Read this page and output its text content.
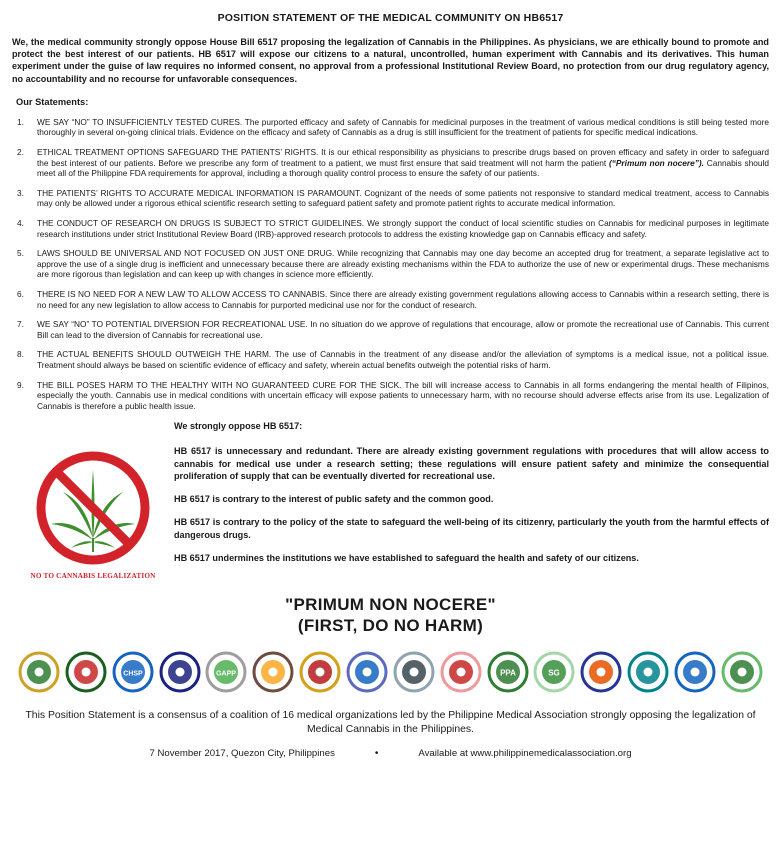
POSITION STATEMENT OF THE MEDICAL COMMUNITY ON HB6517

We, the medical community strongly oppose House Bill 6517 proposing the legalization of Cannabis in the Philippines. As physicians, we are ethically bound to promote and protect the best interest of our patients. HB 6517 will expose our citizens to a natural, uncontrolled, human experiment with Cannabis and its derivatives. This human experiment under the guise of law requires no informed consent, no approval from a professional Institutional Review Board, no protection from our drug regulatory agency, no accountability and no recourse for unfavorable consequences.

Our Statements:
1.	WE SAY “NO” TO INSUFFICIENTLY TESTED CURES. The purported efficacy and safety of Cannabis for medicinal purposes in the treatment of various medical conditions is still being tested more thoroughly in several on-going clinical trials. Evidence on the efficacy and safety of Cannabis as a drug is still insufficient for the treatment of patients for specific medical indications.
2.	ETHICAL TREATMENT OPTIONS SAFEGUARD THE PATIENTS’ RIGHTS. It is our ethical responsibility as physicians to prescribe drugs based on proven efficacy and safety in order to safeguard the best interest of our patients. Before we prescribe any form of treatment to a patient, we must first ensure that said treatment will not harm the patient (“Primum non nocere”). Cannabis should meet all of the Philippine FDA requirements for approval, including a thorough quality control process to ensure the safety of our patients.
3.	THE PATIENTS’ RIGHTS TO ACCURATE MEDICAL INFORMATION IS PARAMOUNT. Cognizant of the needs of some patients not responsive to standard medical treatment, access to Cannabis may only be allowed under a rigorous ethical scientific research setting to safeguard patient safety and promote patient rights to accurate medical information.
4.	THE CONDUCT OF RESEARCH ON DRUGS IS SUBJECT TO STRICT GUIDELINES. We strongly support the conduct of local scientific studies on Cannabis for medicinal purposes in legitimate research institutions under strict Institutional Review Board (IRB)-approved research protocols to address the existing knowledge gap on Cannabis efficacy and safety.
5.	LAWS SHOULD BE UNIVERSAL AND NOT FOCUSED ON JUST ONE DRUG. While recognizing that Cannabis may one day become an accepted drug for treatment, a separate legislative act to approve the use of a single drug is inefficient and unnecessary because there are already existing mechanisms within the FDA to authorize the use of new or experimental drugs. These mechanisms are more rigorous than legislation and can keep up with changes in science more efficiently.
6.	THERE IS NO NEED FOR A NEW LAW TO ALLOW ACCESS TO CANNABIS. Since there are already existing government regulations allowing access to Cannabis within a research setting, there is no need for any new legislation to allow access to Cannabis for purported medicinal use nor for the conduct of research.
7.	WE SAY “NO” TO POTENTIAL DIVERSION FOR RECREATIONAL USE. In no situation do we approve of regulations that encourage, allow or promote the recreational use of Cannabis. This current Bill can lead to the diversion of Cannabis for recreational use.
8.	THE ACTUAL BENEFITS SHOULD OUTWEIGH THE HARM. The use of Cannabis in the treatment of any disease and/or the alleviation of symptoms is a medical issue, not a political issue. Treatment should always be based on scientific evidence of efficacy and safety, wherein actual benefits outweigh the potential risks of harm.
9.	THE BILL POSES HARM TO THE HEALTHY WITH NO GUARANTEED CURE FOR THE SICK. The bill will increase access to Cannabis in all forms endangering the mental health of Filipinos, especially the youth. Cannabis use in medical conditions with uncertain efficacy will expose patients to unnecessary harm, with no recourse should adverse effects arise from its use. Legalization of Cannabis is therefore a public health issue.
NO TO CANNABIS LEGALIZATION

We strongly oppose HB 6517:

HB 6517 is unnecessary and redundant. There are already existing government regulations with procedures that will allow access to cannabis for medical use under a research setting; these regulations will ensure patient safety and minimize the consequential proliferation of supply that can be eventually diverted for recreational use.

HB 6517 is contrary to the interest of public safety and the common good.

HB 6517 is contrary to the policy of the state to safeguard the well-being of its citizenry, particularly the youth from the harmful effects of dangerous drugs.

HB 6517 undermines the institutions we have established to safeguard the health and safety of our citizens.

"PRIMUM NON NOCERE"
(FIRST, DO NO HARM)
CHSP	GAPP	PPA	SG
This Position Statement is a consensus of a coalition of 16 medical organizations led by the Philippine Medical Association strongly opposing the legalization of Medical Cannabis in the Philippines.
7 November 2017, Quezon City, Philippines	•	Available at www.philippinemedicalassociation.org
